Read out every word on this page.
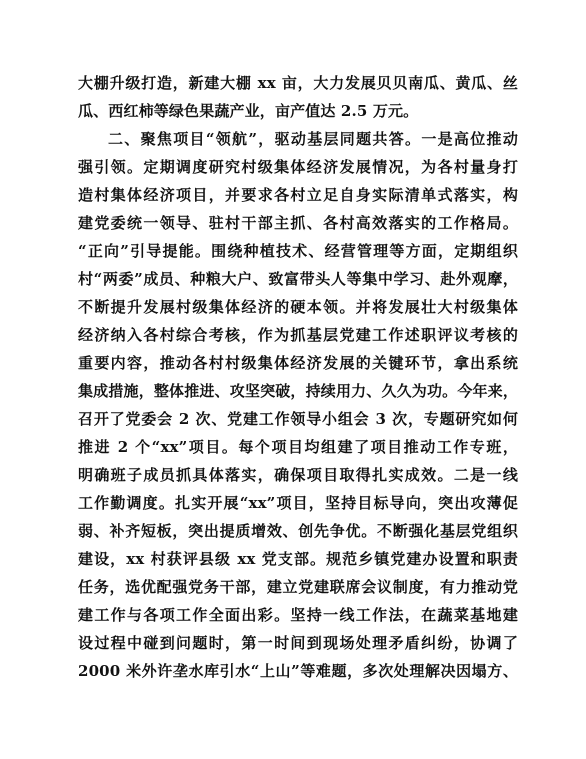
大棚升级打造，新建大棚 xx 亩，大力发展贝贝南瓜、黄瓜、丝
瓜、西红柿等绿色果蔬产业，亩产值达 2.5 万元。
二、聚焦项目“领航”，驱动基层同题共答。一是高位推动
强引领。定期调度研究村级集体经济发展情况，为各村量身打
造村集体经济项目，并要求各村立足自身实际清单式落实，构
建党委统一领导、驻村干部主抓、各村高效落实的工作格局。
“正向”引导提能。围绕种植技术、经营管理等方面，定期组织
村“两委”成员、种粮大户、致富带头人等集中学习、赴外观摩，
不断提升发展村级集体经济的硬本领。并将发展壮大村级集体
经济纳入各村综合考核，作为抓基层党建工作述职评议考核的
重要内容，推动各村村级集体经济发展的关键环节，拿出系统
集成措施，整体推进、攻坚突破，持续用力、久久为功。今年来，
召开了党委会 2 次、党建工作领导小组会 3 次，专题研究如何
推进 2 个“xx”项目。每个项目均组建了项目推动工作专班，
明确班子成员抓具体落实，确保项目取得扎实成效。二是一线
工作勤调度。扎实开展“xx”项目，坚持目标导向，突出攻薄促
弱、补齐短板，突出提质增效、创先争优。不断强化基层党组织
建设，xx 村获评县级 xx 党支部。规范乡镇党建办设置和职责
任务，选优配强党务干部，建立党建联席会议制度，有力推动党
建工作与各项工作全面出彩。坚持一线工作法，在蔬菜基地建
设过程中碰到问题时，第一时间到现场处理矛盾纠纷，协调了
2000 米外许垄水库引水“上山”等难题，多次处理解决因塌方、
